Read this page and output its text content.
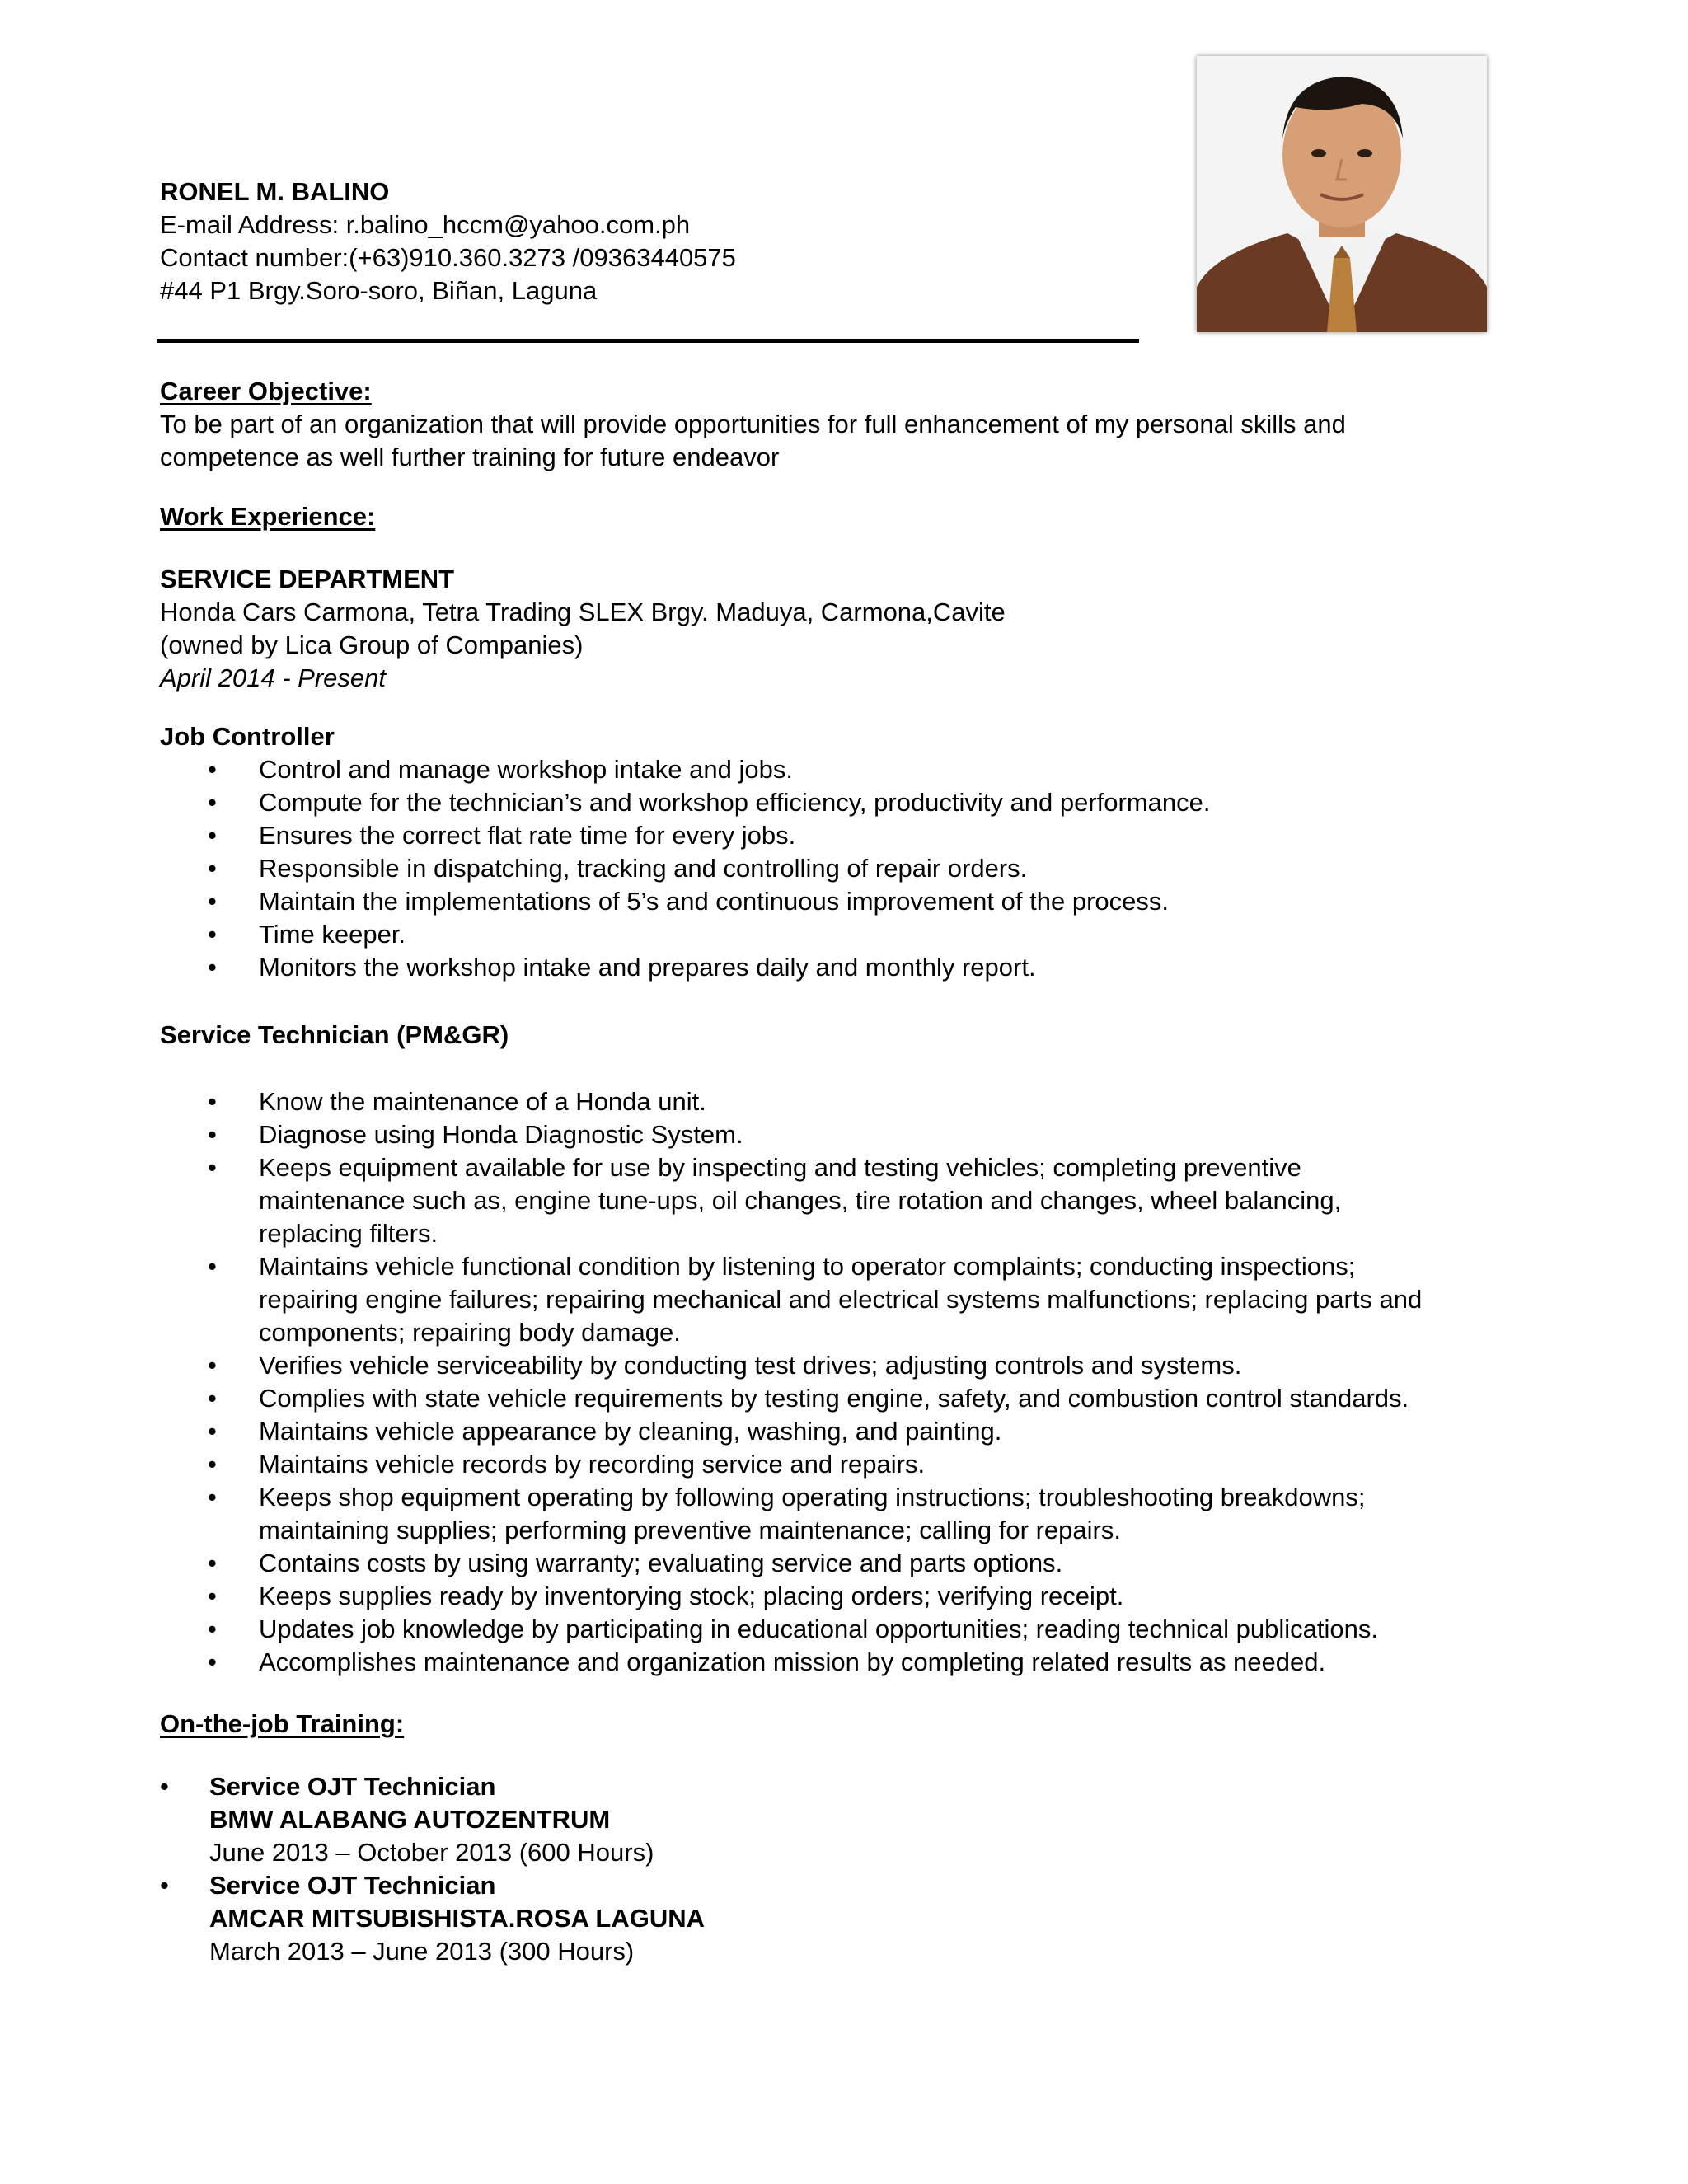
RONEL M. BALINO
E-mail Address: r.balino_hccm@yahoo.com.ph
Contact number:(+63)910.360.3273 /09363440575
#44 P1 Brgy.Soro-soro, Biñan, Laguna
Career Objective:
To be part of an organization that will provide opportunities for full enhancement of my personal skills and
competence as well further training for future endeavor
Work Experience:
SERVICE DEPARTMENT
Honda Cars Carmona, Tetra Trading SLEX Brgy. Maduya, Carmona,Cavite
(owned by Lica Group of Companies)
April 2014 - Present
Job Controller
• Control and manage workshop intake and jobs.
• Compute for the technician’s and workshop efficiency, productivity and performance.
• Ensures the correct flat rate time for every jobs.
• Responsible in dispatching, tracking and controlling of repair orders.
• Maintain the implementations of 5’s and continuous improvement of the process.
• Time keeper.
• Monitors the workshop intake and prepares daily and monthly report.
Service Technician (PM&GR)
• Know the maintenance of a Honda unit.
• Diagnose using Honda Diagnostic System.
• Keeps equipment available for use by inspecting and testing vehicles; completing preventive
maintenance such as, engine tune-ups, oil changes, tire rotation and changes, wheel balancing,
replacing filters.
• Maintains vehicle functional condition by listening to operator complaints; conducting inspections;
repairing engine failures; repairing mechanical and electrical systems malfunctions; replacing parts and
components; repairing body damage.
• Verifies vehicle serviceability by conducting test drives; adjusting controls and systems.
• Complies with state vehicle requirements by testing engine, safety, and combustion control standards.
• Maintains vehicle appearance by cleaning, washing, and painting.
• Maintains vehicle records by recording service and repairs.
• Keeps shop equipment operating by following operating instructions; troubleshooting breakdowns;
maintaining supplies; performing preventive maintenance; calling for repairs.
• Contains costs by using warranty; evaluating service and parts options.
• Keeps supplies ready by inventorying stock; placing orders; verifying receipt.
• Updates job knowledge by participating in educational opportunities; reading technical publications.
• Accomplishes maintenance and organization mission by completing related results as needed.
On-the-job Training:
• Service OJT Technician
BMW ALABANG AUTOZENTRUM
June 2013 – October 2013 (600 Hours)
• Service OJT Technician
AMCAR MITSUBISHISTA.ROSA LAGUNA
March 2013 – June 2013 (300 Hours)
